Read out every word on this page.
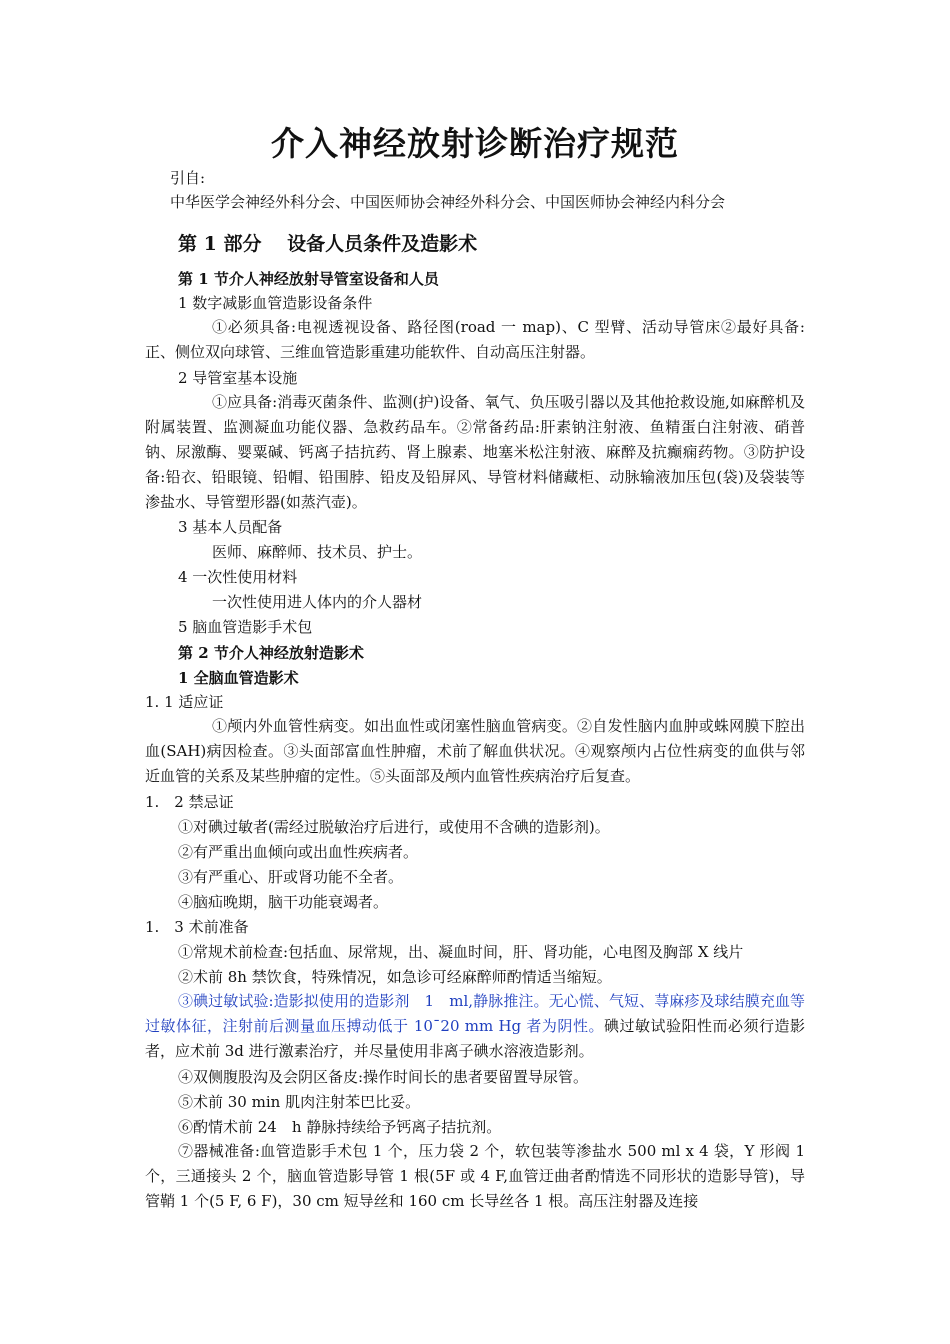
介入神经放射诊断治疗规范
引自:
中华医学会神经外科分会、中国医师协会神经外科分会、中国医师协会神经内科分会
第 1 部分　 设备人员条件及造影术
第 1 节介人神经放射导管室设备和人员
1 数字减影血管造影设备条件
①必须具备:电视透视设备、路径图(road 一 map)、C 型臂、活动导管床②最好具备:正、侧位双向球管、三维血管造影重建功能软件、自动高压注射器。
2 导管室基本设施
①应具备:消毒灭菌条件、监测(护)设备、氧气、负压吸引器以及其他抢救设施,如麻醉机及附属装置、监测凝血功能仪器、急救药品车。②常备药品:肝素钠注射液、鱼精蛋白注射液、硝普钠、尿激酶、婴粟碱、钙离子拮抗药、肾上腺素、地塞米松注射液、麻醉及抗癫痫药物。③防护设备:铅衣、铅眼镜、铅帽、铅围脖、铅皮及铅屏风、导管材料储藏柜、动脉输液加压包(袋)及袋装等渗盐水、导管塑形器(如蒸汽壶)。
3 基本人员配备
医师、麻醉师、技术员、护士。
4 一次性使用材料
一次性使用进人体内的介人器材
5 脑血管造影手术包
第 2 节介人神经放射造影术
1 全脑血管造影术
1. 1 适应证
①颅内外血管性病变。如出血性或闭塞性脑血管病变。②自发性脑内血肿或蛛网膜下腔出血(SAH)病因检查。③头面部富血性肿瘤，术前了解血供状况。④观察颅内占位性病变的血供与邻近血管的关系及某些肿瘤的定性。⑤头面部及颅内血管性疾病治疗后复查。
1.　2 禁忌证
①对碘过敏者(需经过脱敏治疗后进行，或使用不含碘的造影剂)。
②有严重出血倾向或出血性疾病者。
③有严重心、肝或肾功能不全者。
④脑疝晚期，脑干功能衰竭者。
1.　3 术前准备
①常规术前检查:包括血、尿常规，出、凝血时间，肝、肾功能，心电图及胸部 X 线片
②术前 8h 禁饮食，特殊情况，如急诊可经麻醉师酌情适当缩短。
③碘过敏试验:造影拟使用的造影剂　1　ml,静脉推注。无心慌、气短、荨麻疹及球结膜充血等过敏体征，注射前后测量血压搏动低于 10¯20 mm Hg 者为阴性。碘过敏试验阳性而必须行造影者，应术前 3d 进行激素治疗，并尽量使用非离子碘水溶液造影剂。
④双侧腹股沟及会阴区备皮:操作时间长的患者要留置导尿管。
⑤术前 30 min 肌肉注射苯巴比妥。
⑥酌情术前 24　h 静脉持续给予钙离子拮抗剂。
⑦器械准备:血管造影手术包 1 个，压力袋 2 个，软包装等渗盐水 500 ml x 4 袋，Y 形阀 1 个，三通接头 2 个，脑血管造影导管 1 根(5F 或 4 F,血管迂曲者酌情选不同形状的造影导管)，导管鞘 1 个(5 F, 6 F)，30 cm 短导丝和 160 cm 长导丝各 1 根。高压注射器及连接
